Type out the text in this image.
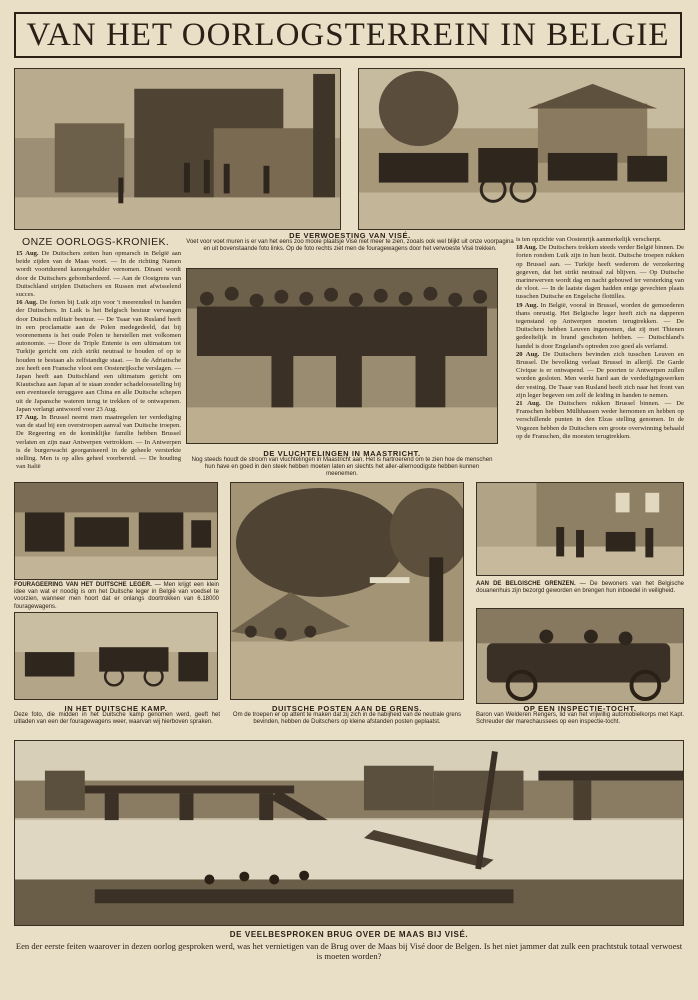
VAN HET OORLOGSTERREIN IN BELGIE
DE VERWOESTING VAN VISÉ.
Voet voor voet muren is er van het eens zoo mooie plaatsje Visé niet meer te zien, zooals ook wel blijkt uit onze voorpagina en uit bovenstaande foto links. Op de foto rechts ziet men de fouragewagens door het verwoeste Visé trekken.
ONZE OORLOGS-KRONIEK.

15 Aug. De Duitschers zetten hun opmarsch in België aan beide zijden van de Maas voort. — In de richting Namen wordt voortdurend kanongebulder vernomen. Dinant wordt door de Duitschers gebombardeerd. — Aan de Oostgrens van Duitschland strijden Duitschers en Russen met afwisselend succes.

16 Aug. De forten bij Luik zijn voor 't meerendeel in handen der Duitschers. In Luik is het Belgisch bestuur vervangen door Duitsch militair bestuur. — De Tsaar van Rusland heeft in een proclamatie aan de Polen medegedeeld, dat bij voorenemens is het oude Polen te herstellen met volkomen autonomie. — Door de Triple Entente is een ultimatum tot Turkije gericht om zich strikt neutraal te houden of op te houden te bestaan als zelfstandige staat. — In de Adriatische zee heeft een Fransche vloot een Oostenrijksche verslagen. — Japan heeft aan Duitschland een ultimatum gericht om Kiautschau aan Japan af te staan zonder schadeloosstelling bij een eventueele teruggave aan China en alle Duitsche schepen uit de Japansche wateren terug te trekken of te ontwapenen. Japan verlangt antwoord voor 23 Aug.

17 Aug. In Brussel neemt men maatregelen ter verdediging van de stad bij een overstroopen aanval van Duitsche troepen. De Regeering en de koninklijke familie hebben Brussel verlaten en zijn naar Antwerpen vertrokken. — In Antwerpen is de burgerwacht georganiseerd in de geheele versterkte stelling. Men is op alles geheel voorbereid. — De houding van Italië

DE VLUCHTELINGEN IN MAASTRICHT.
Nog steeds houdt de stroom van vluchtelingen in Maastricht aan. Het is hartroerend om te zien hoe de menschen hun have en goed in den steek hebben moeten laten en slechts het aller-allernoodigste hebben kunnen meenemen.

is ten opzichte van Oostenrijk aanmerkelijk verscherpt.

18 Aug. De Duitschers trekken steeds verder België binnen. De forten rondom Luik zijn in hun bezit. Duitsche troepen rukken op Brussel aan. — Turkije heeft wederom de verzekering gegeven, dat het strikt neutraal zal blijven. — Op Duitsche marinewerven wordt dag en nacht gebouwd ter versterking van de vloot. — In de laatste dagen hadden enige gevechten plaats tusschen Duitsche en Engelsche flottilles.

19 Aug. In België, vooral in Brussel, worden de gemoederen thans onrustig. Het Belgische leger heeft zich na dapperen tegenstand op Antwerpen moeten terugtrekken. — De Duitschers hebben Leuven ingenomen, dat zij met Thienen gedeeltelijk in brand geschoten hebben. — Duitschland's handel is door Engeland's optreden zoo goed als verlamd.

20 Aug. De Duitschers bevinden zich tusschen Leuven en Brussel. De bevolking verlaat Brussel in allerijl. De Garde Civique is er ontwapend. — De poorten te Antwerpen zullen worden gesloten. Men werkt hard aan de verdedigingswerken der vesting. De Tsaar van Rusland heeft zich naar het front van zijn leger begeven om zelf de leiding in handen te nemen.

21 Aug. De Duitschers rukken Brussel binnen. — De Franschen hebben Mülhhausen weder hernomen en hebben op verschillende punten in den Elzas stelling genomen. In de Vogezen hebben de Duitschers een groote overwinning behaald op de Franschen, die moesten terugtrekken.

FOURAGEERING VAN HET DUITSCHE LEGER. — Men krijgt een klein idee van wat er noodig is om het Duitsche leger in België van voedsel te voorzien, wanneer men hoort dat er onlangs doortrokken van 6.18000 fouragewagens.
IN HET DUITSCHE KAMP.
Deze foto, die midden in het Duitsche kamp genomen werd, geeft het uitladen van een der fouragewagens weer, waarvan wij hierboven spraken.
DUITSCHE POSTEN AAN DE GRENS.
Om de troepen er op attent te maken dat zij zich in de nabijheid van de neutrale grens bevinden, hebben de Duitschers op kleine afstanden posten geplaatst.
AAN DE BELGISCHE GRENZEN. — De bewoners van het Belgische douanenhuis zijn bezorgd geworden en brengen hun inboedel in veiligheid.
OP EEN INSPECTIE-TOCHT.
Baron van Welderen Rengers, lid van het vrijwillig automobielkorps met Kapt. Schreuder der marechaussees op een inspectie-tocht.
DE VEELBESPROKEN BRUG OVER DE MAAS BIJ VISÉ.
Een der eerste feiten waarover in dezen oorlog gesproken werd, was het vernietigen van de Brug over de Maas bij Visé door de Belgen. Is het niet jammer dat zulk een prachtstuk totaal verwoest is moeten worden?
